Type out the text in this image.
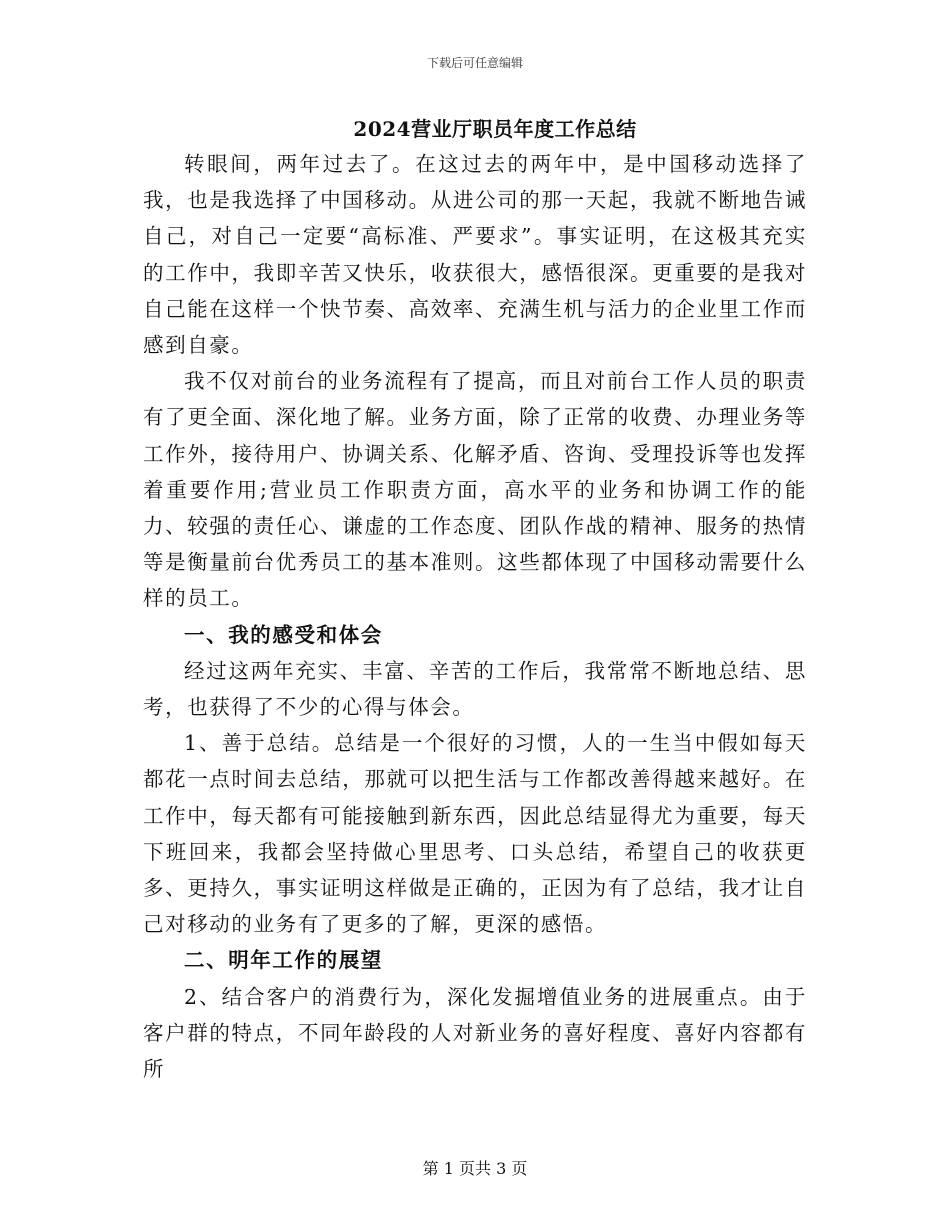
下载后可任意编辑
2024营业厅职员年度工作总结

转眼间，两年过去了。在这过去的两年中，是中国移动选择了我，也是我选择了中国移动。从进公司的那一天起，我就不断地告诫自己，对自己一定要“高标准、严要求”。事实证明，在这极其充实的工作中，我即辛苦又快乐，收获很大，感悟很深。更重要的是我对自己能在这样一个快节奏、高效率、充满生机与活力的企业里工作而感到自豪。

我不仅对前台的业务流程有了提高，而且对前台工作人员的职责有了更全面、深化地了解。业务方面，除了正常的收费、办理业务等工作外，接待用户、协调关系、化解矛盾、咨询、受理投诉等也发挥着重要作用;营业员工作职责方面，高水平的业务和协调工作的能力、较强的责任心、谦虚的工作态度、团队作战的精神、服务的热情等是衡量前台优秀员工的基本准则。这些都体现了中国移动需要什么样的员工。

一、我的感受和体会

经过这两年充实、丰富、辛苦的工作后，我常常不断地总结、思考，也获得了不少的心得与体会。

1、善于总结。总结是一个很好的习惯，人的一生当中假如每天都花一点时间去总结，那就可以把生活与工作都改善得越来越好。在工作中，每天都有可能接触到新东西，因此总结显得尤为重要，每天下班回来，我都会坚持做心里思考、口头总结，希望自己的收获更多、更持久，事实证明这样做是正确的，正因为有了总结，我才让自己对移动的业务有了更多的了解，更深的感悟。

二、明年工作的展望

2、结合客户的消费行为，深化发掘增值业务的进展重点。由于客户群的特点，不同年龄段的人对新业务的喜好程度、喜好内容都有所

第 1 页共 3 页
